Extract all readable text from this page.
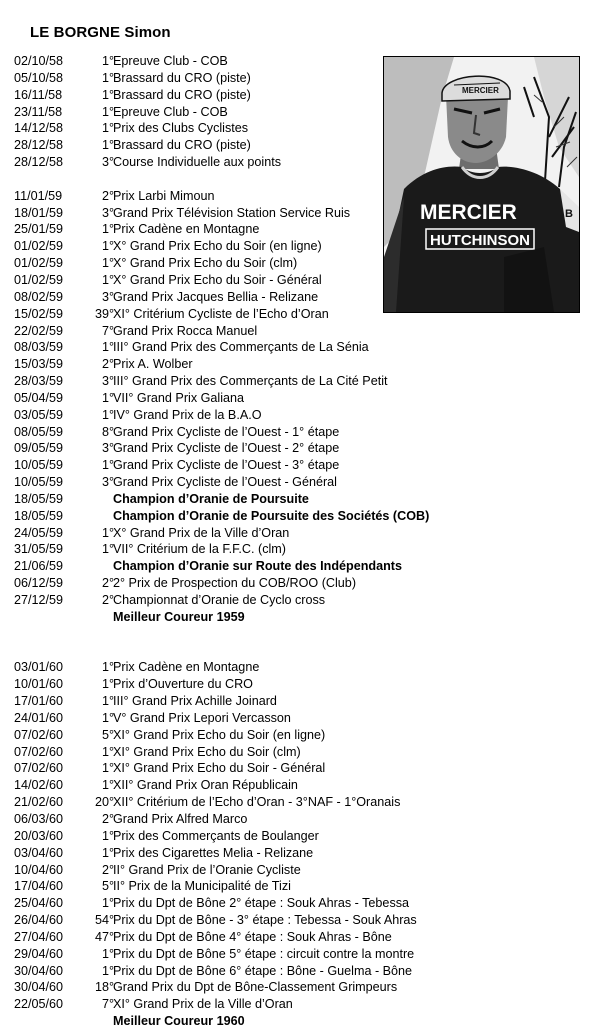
LE BORGNE Simon
02/10/58	1° Epreuve Club - COB
05/10/58	1° Brassard du CRO (piste)
16/11/58	1° Brassard du CRO (piste)
23/11/58	1° Epreuve Club - COB
14/12/58	1° Prix des Clubs Cyclistes
28/12/58	1° Brassard du CRO (piste)
28/12/58	3° Course Individuelle aux points
11/01/59	2° Prix Larbi Mimoun
18/01/59	3° Grand Prix Télévision Station Service Ruis
25/01/59	1° Prix Cadène en Montagne
01/02/59	1° X° Grand Prix Echo du Soir (en ligne)
01/02/59	1° X° Grand Prix Echo du Soir (clm)
01/02/59	1° X° Grand Prix Echo du Soir - Général
08/02/59	3° Grand Prix Jacques Bellia - Relizane
15/02/59	39° XI° Critérium Cycliste de l’Echo d’Oran
22/02/59	7° Grand Prix Rocca Manuel
08/03/59	1° III° Grand Prix des Commerçants de La Sénia
15/03/59	2° Prix A. Wolber
28/03/59	3° III° Grand Prix des Commerçants de La Cité Petit
05/04/59	1° VII° Grand Prix Galiana
03/05/59	1° IV° Grand Prix de la B.A.O
08/05/59	8° Grand Prix Cycliste de l’Ouest - 1° étape
09/05/59	3° Grand Prix Cycliste de l’Ouest - 2° étape
10/05/59	1° Grand Prix Cycliste de l’Ouest - 3° étape
10/05/59	3° Grand Prix Cycliste de l’Ouest - Général
18/05/59	Champion d’Oranie de Poursuite
18/05/59	Champion d’Oranie de Poursuite des Sociétés (COB)
24/05/59	1° X° Grand Prix de la Ville d’Oran
31/05/59	1° VII° Critérium de la F.F.C. (clm)
21/06/59	Champion d’Oranie sur Route des Indépendants
06/12/59	2° 2° Prix de Prospection du COB/ROO (Club)
27/12/59	2° Championnat d’Oranie de Cyclo cross
Meilleur Coureur 1959
03/01/60	1° Prix Cadène en Montagne
10/01/60	1° Prix d’Ouverture du CRO
17/01/60	1° III° Grand Prix Achille Joinard
24/01/60	1° V° Grand Prix Lepori Vercasson
07/02/60	5° XI° Grand Prix Echo du Soir (en ligne)
07/02/60	1° XI° Grand Prix Echo du Soir (clm)
07/02/60	1° XI° Grand Prix Echo du Soir - Général
14/02/60	1° XII° Grand Prix Oran Républicain
21/02/60	20° XII° Critérium de l’Echo d’Oran - 3°NAF - 1°Oranais
06/03/60	2° Grand Prix Alfred Marco
20/03/60	1° Prix des Commerçants de Boulanger
03/04/60	1° Prix des Cigarettes Melia - Relizane
10/04/60	2° II° Grand Prix de l’Oranie Cycliste
17/04/60	5° II° Prix de la Municipalité de Tizi
25/04/60	1° Prix du Dpt de Bône 2° étape : Souk Ahras - Tebessa
26/04/60	54° Prix du Dpt de Bône - 3° étape : Tebessa - Souk Ahras
27/04/60	47° Prix du Dpt de Bône 4° étape : Souk Ahras - Bône
29/04/60	1° Prix du Dpt de Bône 5° étape : circuit contre la montre
30/04/60	1° Prix du Dpt de Bône 6° étape : Bône - Guelma - Bône
30/04/60	18° Grand Prix du Dpt de Bône-Classement Grimpeurs
22/05/60	7° XI° Grand Prix de la Ville d’Oran
Meilleur Coureur 1960
MERCIER
MERCIER
HUTCHINSON
B
